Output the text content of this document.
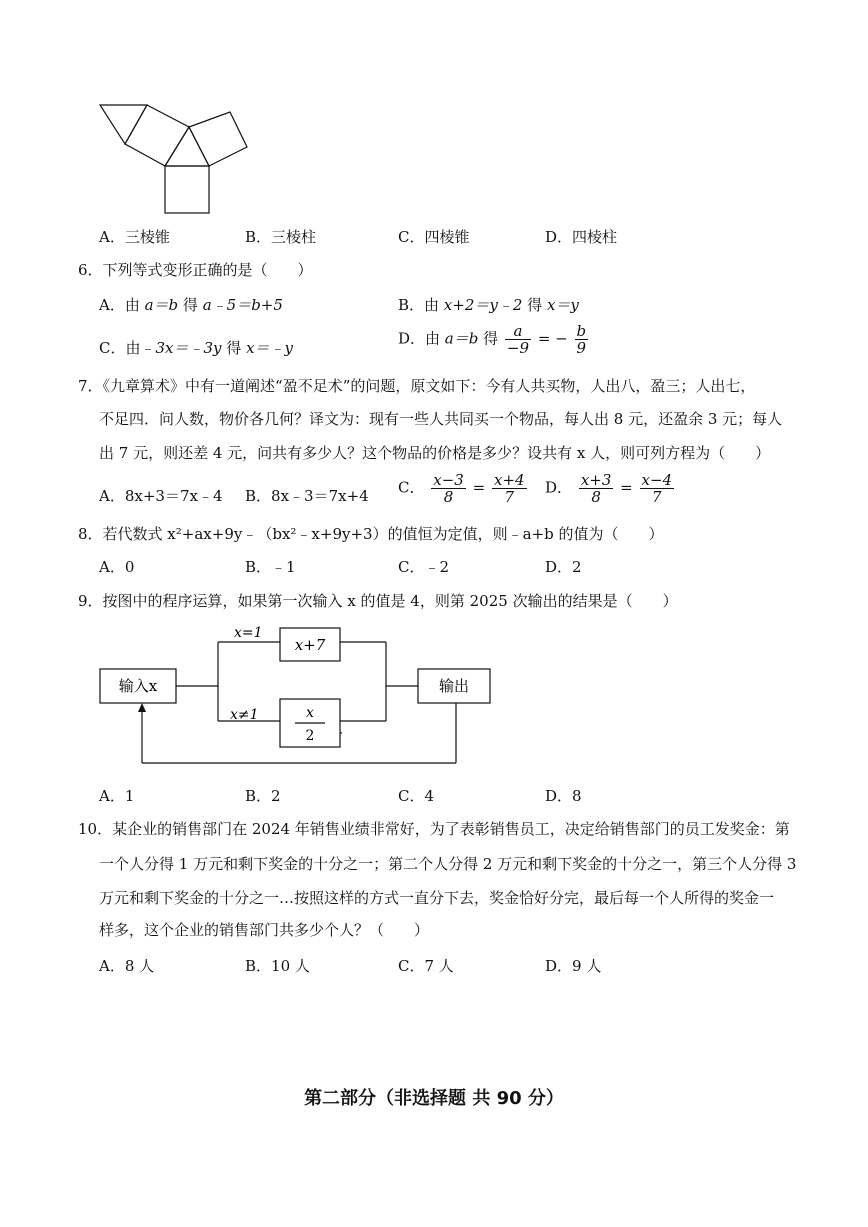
A．三棱锥	B．三棱柱	C．四棱锥	D．四棱柱
6．下列等式变形正确的是（　　）
A．由 a＝b 得 a﹣5＝b+5	B．由 x+2＝y﹣2 得 x＝y
C．由﹣3x＝﹣3y 得 x＝﹣y
D．由 a＝b 得 $\frac{a}{-9}$ = − $\frac{b}{9}$
7．《九章算术》中有一道阐述“盈不足术”的问题，原文如下：今有人共买物，人出八，盈三；人出七，
不足四．问人数，物价各几何？译文为：现有一些人共同买一个物品，每人出 8 元，还盈余 3 元；每人
出 7 元，则还差 4 元，问共有多少人？这个物品的价格是多少？设共有 x 人，则可列方程为（　　）
A．8x+3＝7x﹣4 B．8x﹣3＝7x+4 C． $\frac{x-3}{8} = \frac{x+4}{7}$ D． $\frac{x+3}{8} = \frac{x-4}{7}$
8．若代数式 x²+ax+9y﹣（bx²﹣x+9y+3）的值恒为定值，则﹣a+b 的值为（　　）
A．0	B．﹣1	C．﹣2	D．2
9．按图中的程序运算，如果第一次输入 x 的值是 4，则第 2025 次输出的结果是（　　）
输入x
x=1
x+7
x≠1	x
2
输出
A．1	B．2	C．4	D．8
10．某企业的销售部门在 2024 年销售业绩非常好，为了表彰销售员工，决定给销售部门的员工发奖金：第
一个人分得 1 万元和剩下奖金的十分之一；第二个人分得 2 万元和剩下奖金的十分之一，第三个人分得 3
万元和剩下奖金的十分之一…按照这样的方式一直分下去，奖金恰好分完，最后每一个人所得的奖金一
样多，这个企业的销售部门共多少个人？（　　）
A．8 人	B．10 人	C．7 人	D．9 人
第二部分（非选择题 共 90 分）
